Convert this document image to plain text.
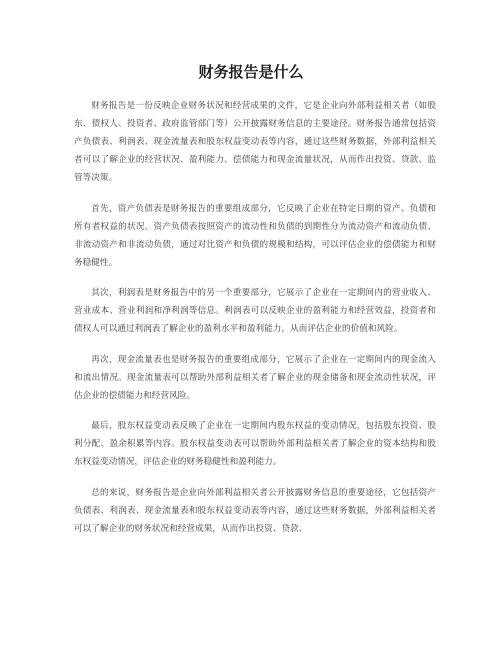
财务报告是什么

财务报告是一份反映企业财务状况和经营成果的文件，它是企业向外部利益相关者（如股东、债权人、投资者、政府监管部门等）公开披露财务信息的主要途径。财务报告通常包括资产负债表、利润表、现金流量表和股东权益变动表等内容，通过这些财务数据，外部利益相关者可以了解企业的经营状况、盈利能力、偿债能力和现金流量状况，从而作出投资、贷款、监管等决策。

首先，资产负债表是财务报告的重要组成部分，它反映了企业在特定日期的资产、负债和所有者权益的状况。资产负债表按照资产的流动性和负债的到期性分为流动资产和流动负债、非流动资产和非流动负债，通过对比资产和负债的规模和结构，可以评估企业的偿债能力和财务稳健性。

其次，利润表是财务报告中的另一个重要部分，它展示了企业在一定期间内的营业收入、营业成本、营业利润和净利润等信息。利润表可以反映企业的盈利能力和经营效益，投资者和债权人可以通过利润表了解企业的盈利水平和盈利能力，从而评估企业的价值和风险。

再次，现金流量表也是财务报告的重要组成部分，它展示了企业在一定期间内的现金流入和流出情况。现金流量表可以帮助外部利益相关者了解企业的现金储备和现金流动性状况，评估企业的偿债能力和经营风险。

最后，股东权益变动表反映了企业在一定期间内股东权益的变动情况，包括股东投资、股利分配、盈余积累等内容。股东权益变动表可以帮助外部利益相关者了解企业的资本结构和股东权益变动情况，评估企业的财务稳健性和盈利能力。

总的来说，财务报告是企业向外部利益相关者公开披露财务信息的重要途径，它包括资产负债表、利润表、现金流量表和股东权益变动表等内容，通过这些财务数据，外部利益相关者可以了解企业的财务状况和经营成果，从而作出投资、贷款、
